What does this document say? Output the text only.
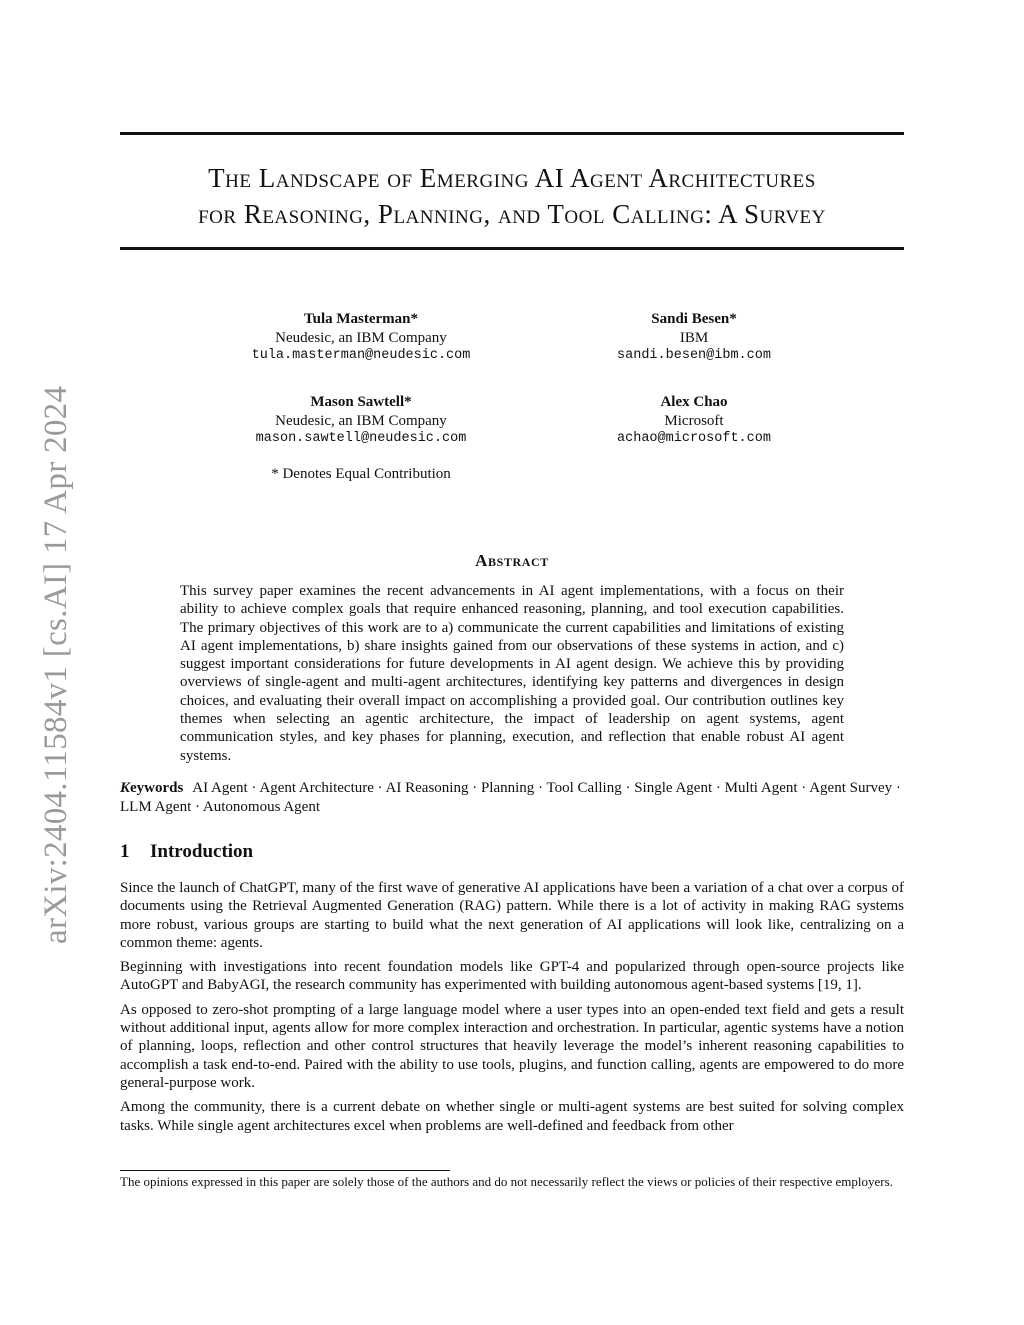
arXiv:2404.11584v1 [cs.AI] 17 Apr 2024
The Landscape of Emerging AI Agent Architectures
for Reasoning, Planning, and Tool Calling: A Survey
Tula Masterman*
Neudesic, an IBM Company
tula.masterman@neudesic.com
Sandi Besen*
IBM
sandi.besen@ibm.com
Mason Sawtell*
Neudesic, an IBM Company
mason.sawtell@neudesic.com
Alex Chao
Microsoft
achao@microsoft.com
* Denotes Equal Contribution
Abstract
This survey paper examines the recent advancements in AI agent implementations, with a focus on their ability to achieve complex goals that require enhanced reasoning, planning, and tool execution capabilities. The primary objectives of this work are to a) communicate the current capabilities and limitations of existing AI agent implementations, b) share insights gained from our observations of these systems in action, and c) suggest important considerations for future developments in AI agent design. We achieve this by providing overviews of single-agent and multi-agent architectures, identifying key patterns and divergences in design choices, and evaluating their overall impact on accomplishing a provided goal. Our contribution outlines key themes when selecting an agentic architecture, the impact of leadership on agent systems, agent communication styles, and key phases for planning, execution, and reflection that enable robust AI agent systems.
Keywords AI Agent · Agent Architecture · AI Reasoning · Planning · Tool Calling · Single Agent · Multi Agent · Agent Survey · LLM Agent · Autonomous Agent
1 Introduction

Since the launch of ChatGPT, many of the first wave of generative AI applications have been a variation of a chat over a corpus of documents using the Retrieval Augmented Generation (RAG) pattern. While there is a lot of activity in making RAG systems more robust, various groups are starting to build what the next generation of AI applications will look like, centralizing on a common theme: agents.

Beginning with investigations into recent foundation models like GPT-4 and popularized through open-source projects like AutoGPT and BabyAGI, the research community has experimented with building autonomous agent-based systems [19, 1].

As opposed to zero-shot prompting of a large language model where a user types into an open-ended text field and gets a result without additional input, agents allow for more complex interaction and orchestration. In particular, agentic systems have a notion of planning, loops, reflection and other control structures that heavily leverage the model’s inherent reasoning capabilities to accomplish a task end-to-end. Paired with the ability to use tools, plugins, and function calling, agents are empowered to do more general-purpose work.

Among the community, there is a current debate on whether single or multi-agent systems are best suited for solving complex tasks. While single agent architectures excel when problems are well-defined and feedback from other

The opinions expressed in this paper are solely those of the authors and do not necessarily reflect the views or policies of their respective employers.
